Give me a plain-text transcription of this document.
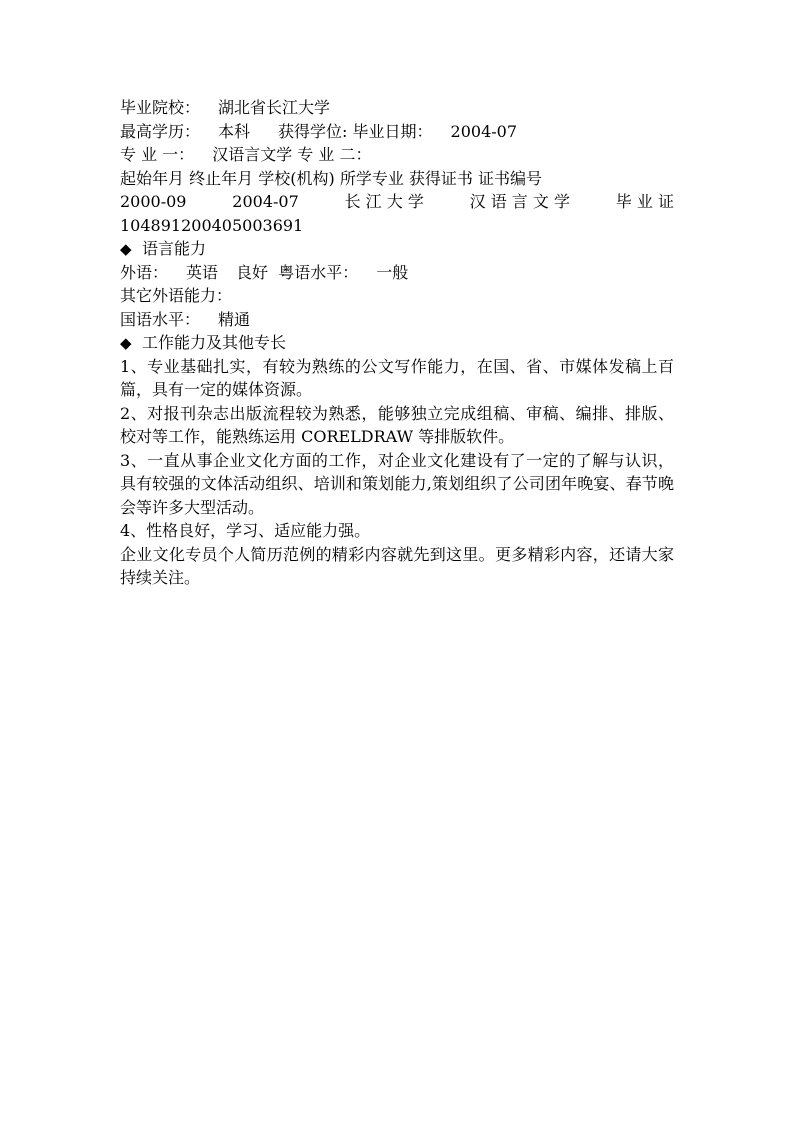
毕业院校： 湖北省长江大学
最高学历： 本科 获得学位: 毕业日期： 2004-07
专 业 一： 汉语言文学 专 业 二：
起始年月 终止年月 学校(机构) 所学专业 获得证书 证书编号
2000-09	2004-07	长 江 大 学	汉 语 言 文 学	毕 业 证
104891200405003691
◆ 语言能力
外语： 英语 良好 粤语水平： 一般
其它外语能力：
国语水平： 精通
◆ 工作能力及其他专长
1、专业基础扎实，有较为熟练的公文写作能力，在国、省、市媒体发稿上百篇，具有一定的媒体资源。
2、对报刊杂志出版流程较为熟悉，能够独立完成组稿、审稿、编排、排版、校对等工作，能熟练运用 CORELDRAW 等排版软件。
3、一直从事企业文化方面的工作，对企业文化建设有了一定的了解与认识，具有较强的文体活动组织、培训和策划能力,策划组织了公司团年晚宴、春节晚会等许多大型活动。
4、性格良好，学习、适应能力强。
企业文化专员个人简历范例的精彩内容就先到这里。更多精彩内容，还请大家持续关注。
